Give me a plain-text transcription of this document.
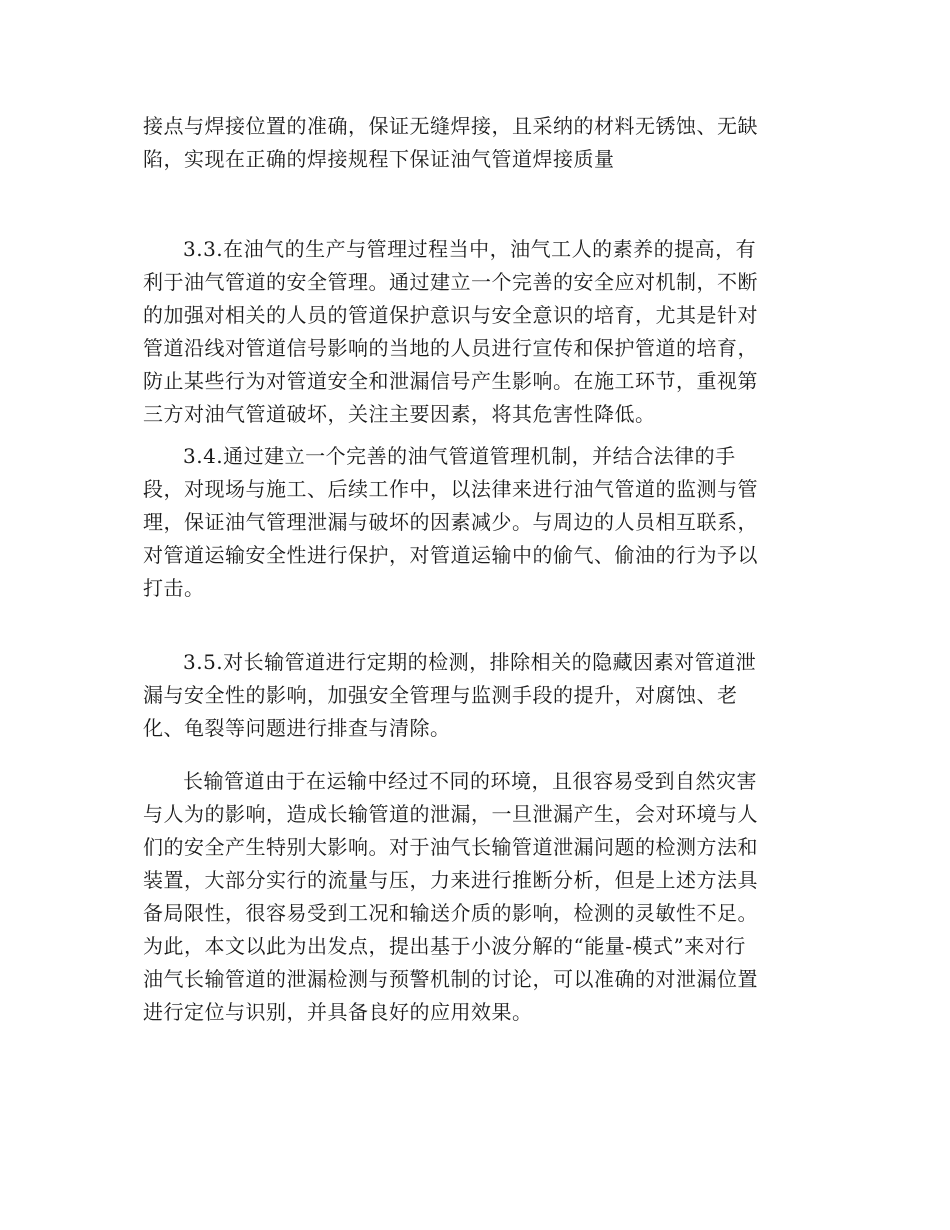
接点与焊接位置的准确，保证无缝焊接，且采纳的材料无锈蚀、无缺
陷，实现在正确的焊接规程下保证油气管道焊接质量
3.3.在油气的生产与管理过程当中，油气工人的素养的提高，有
利于油气管道的安全管理。通过建立一个完善的安全应对机制，不断
的加强对相关的人员的管道保护意识与安全意识的培育，尤其是针对
管道沿线对管道信号影响的当地的人员进行宣传和保护管道的培育，
防止某些行为对管道安全和泄漏信号产生影响。在施工环节，重视第
三方对油气管道破坏，关注主要因素，将其危害性降低。
3.4.通过建立一个完善的油气管道管理机制，并结合法律的手
段，对现场与施工、后续工作中，以法律来进行油气管道的监测与管
理，保证油气管理泄漏与破坏的因素减少。与周边的人员相互联系，
对管道运输安全性进行保护，对管道运输中的偷气、偷油的行为予以
打击。
3.5.对长输管道进行定期的检测，排除相关的隐藏因素对管道泄
漏与安全性的影响，加强安全管理与监测手段的提升，对腐蚀、老
化、龟裂等问题进行排查与清除。
长输管道由于在运输中经过不同的环境，且很容易受到自然灾害
与人为的影响，造成长输管道的泄漏，一旦泄漏产生，会对环境与人
们的安全产生特别大影响。对于油气长输管道泄漏问题的检测方法和
装置，大部分实行的流量与压，力来进行推断分析，但是上述方法具
备局限性，很容易受到工况和输送介质的影响，检测的灵敏性不足。
为此，本文以此为出发点，提出基于小波分解的“能量-模式”来对行
油气长输管道的泄漏检测与预警机制的讨论，可以准确的对泄漏位置
进行定位与识别，并具备良好的应用效果。
